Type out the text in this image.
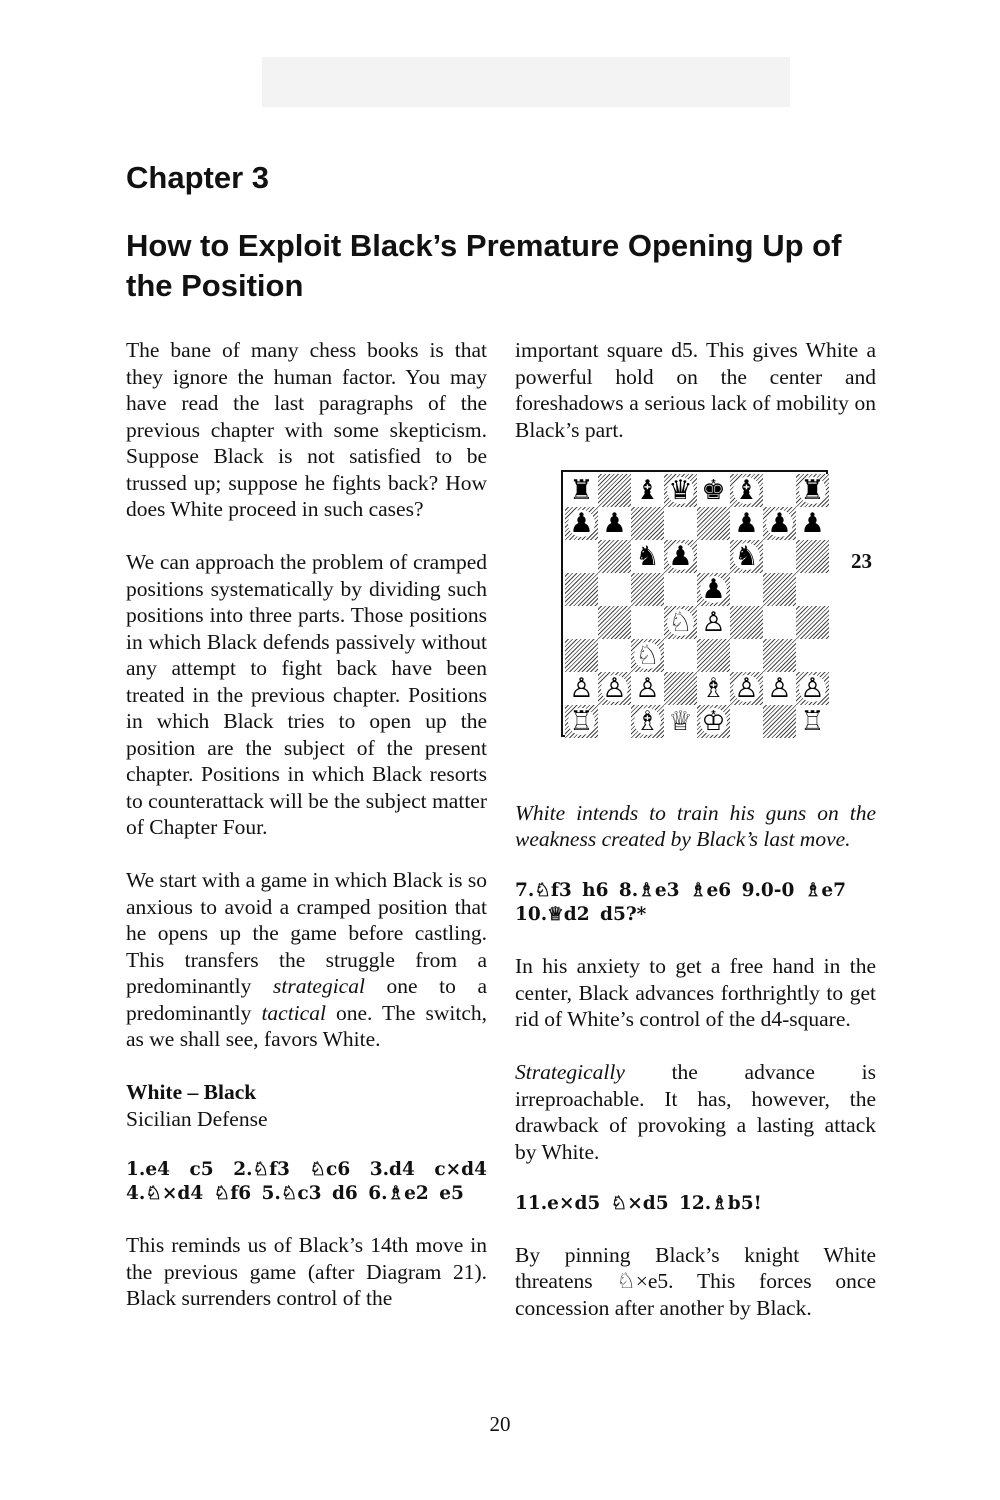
Chapter 3
How to Exploit Black’s Premature Opening Up of the Position

The bane of many chess books is that they ignore the human factor. You may have read the last paragraphs of the previous chapter with some skepticism. Suppose Black is not satisfied to be trussed up; suppose he fights back? How does White proceed in such cases?

We can approach the problem of cramped positions systematically by dividing such positions into three parts. Those positions in which Black defends passively without any attempt to fight back have been treated in the previous chapter. Positions in which Black tries to open up the position are the subject of the present chapter. Positions in which Black resorts to counterattack will be the subject matter of Chapter Four.

We start with a game in which Black is so anxious to avoid a cramped position that he opens up the game before castling. This transfers the struggle from a predominantly strategical one to a predominantly tactical one. The switch, as we shall see, favors White.

White – Black

Sicilian Defense

1.e4 c5 2.♘f3 ♘c6 3.d4 c×d4 4.♘×d4 ♘f6 5.♘c3 d6 6.♗e2 e5

This reminds us of Black’s 14th move in the previous game (after Diagram 21). Black surrenders control of the

important square d5. This gives White a powerful hold on the center and foreshadows a serious lack of mobility on Black’s part.

♜ ♝ ♛ ♚ ♝ ♜
♟ ♟	♟ ♟ ♟
♞ ♟ ♞
♟
♘ ♙
♘
♙ ♙ ♙ ♗ ♙ ♙ ♙
♖ ♗ ♕ ♔	♖
23

White intends to train his guns on the weakness created by Black’s last move.

7.♘f3 h6 8.♗e3 ♗e6 9.0-0 ♗e7 10.♕d2 d5?*

In his anxiety to get a free hand in the center, Black advances forthrightly to get rid of White’s control of the d4-square.

Strategically the advance is irreproachable. It has, however, the drawback of provoking a lasting attack by White.

11.e×d5 ♘×d5 12.♗b5!

By pinning Black’s knight White threatens ♘×e5. This forces once concession after another by Black.

20
